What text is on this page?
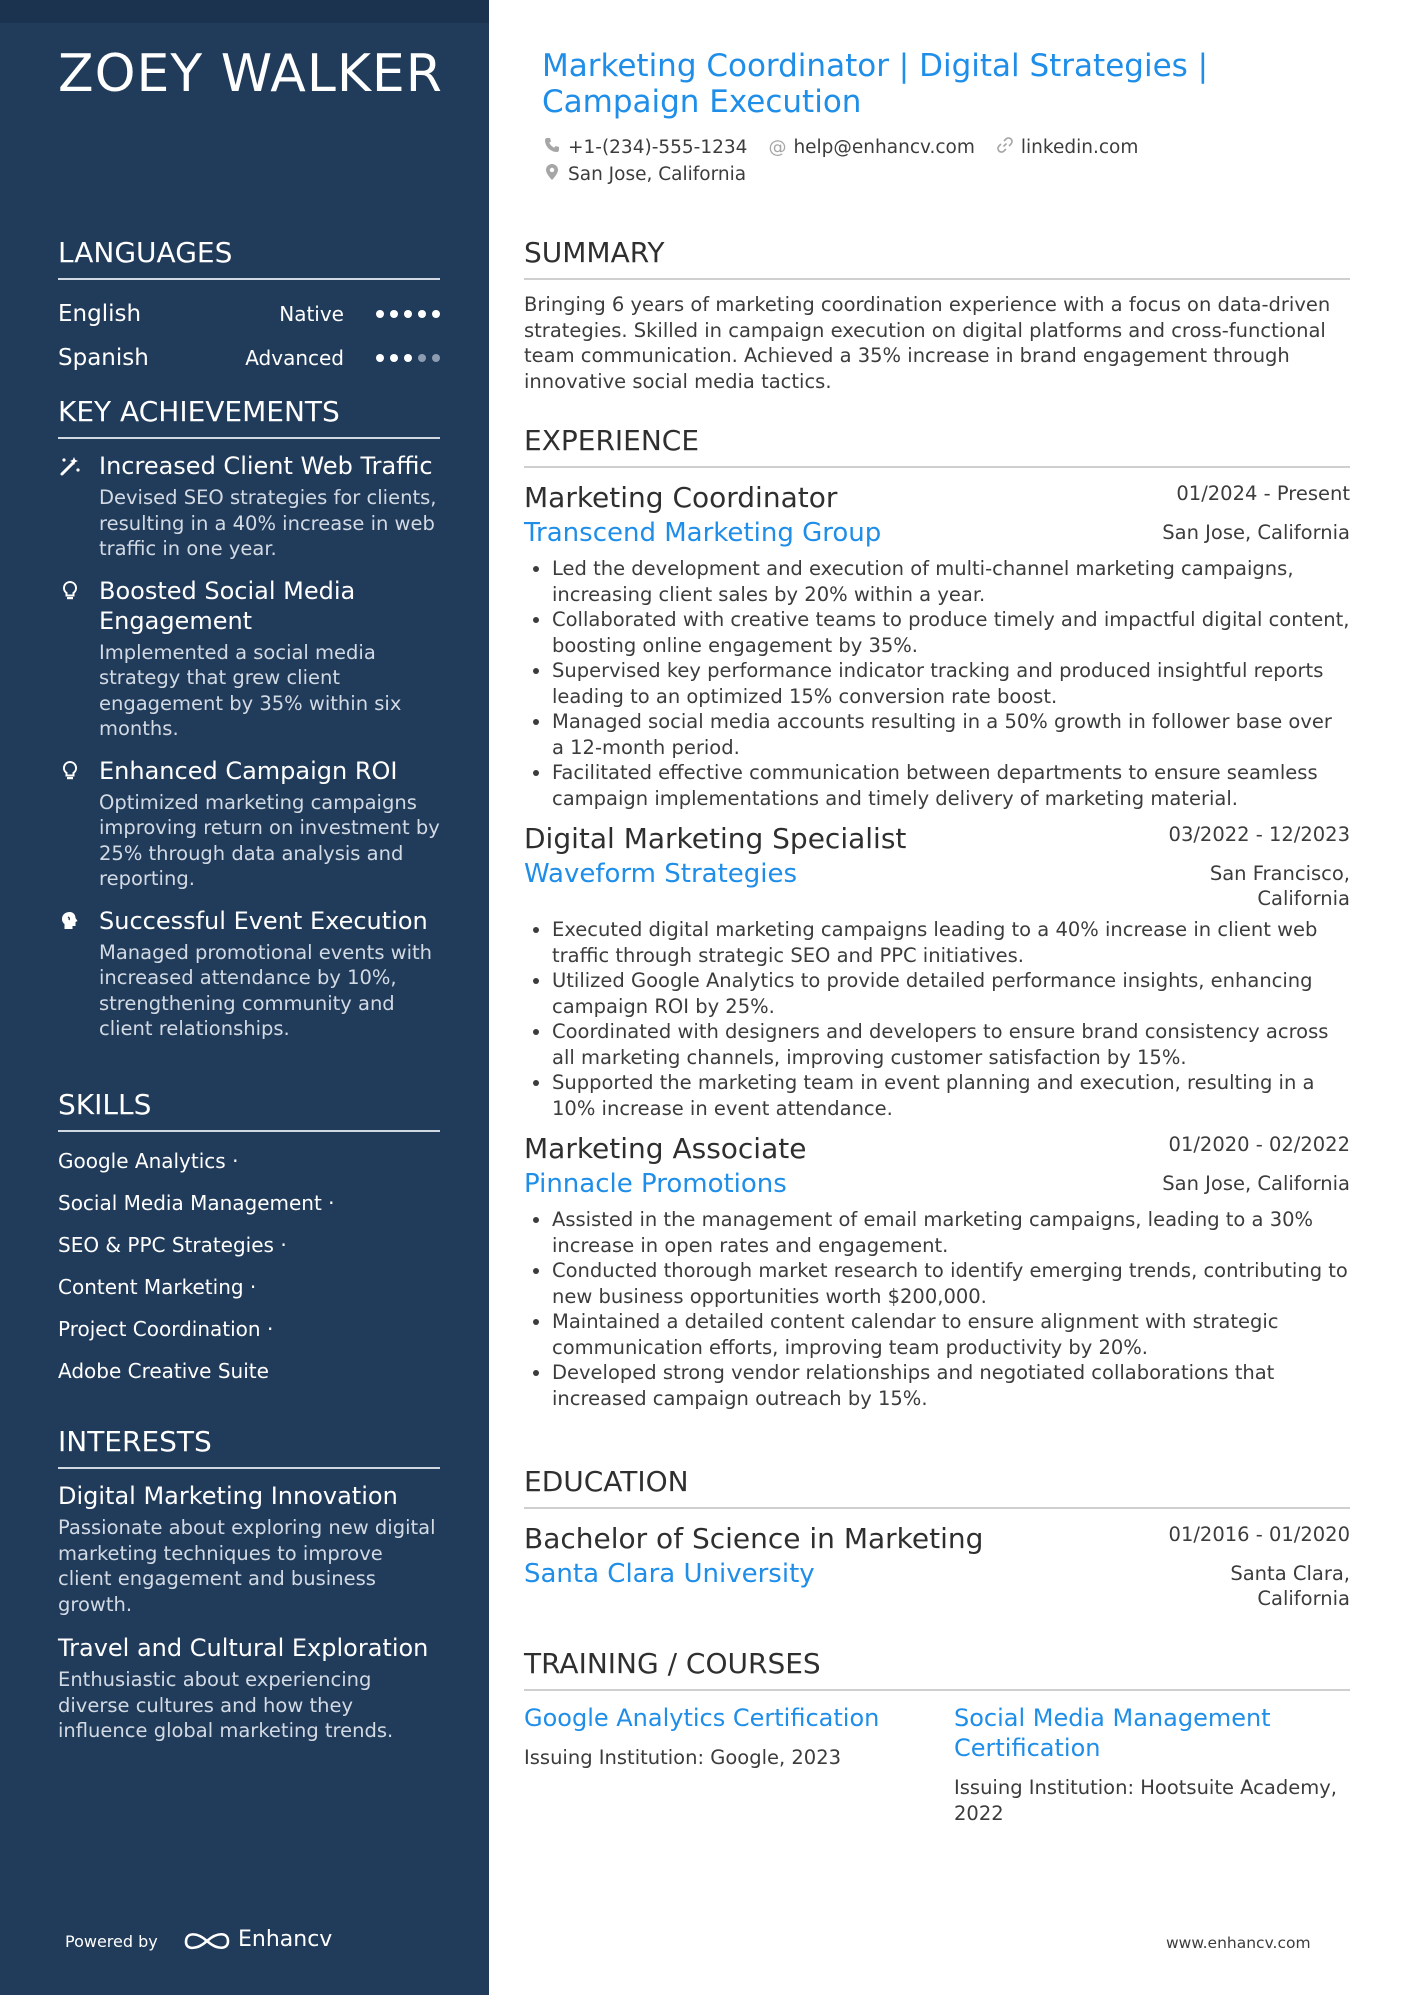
ZOEY WALKER
LANGUAGES
English	Native
Spanish	Advanced
KEY ACHIEVEMENTS
Increased Client Web Traffic
Devised SEO strategies for clients, resulting in a 40% increase in web traffic in one year.
Boosted Social Media Engagement
Implemented a social media strategy that grew client engagement by 35% within six months.
Enhanced Campaign ROI
Optimized marketing campaigns improving return on investment by 25% through data analysis and reporting.
Successful Event Execution
Managed promotional events with increased attendance by 10%, strengthening community and client relationships.
SKILLS
Google Analytics ·
Social Media Management ·
SEO & PPC Strategies ·
Content Marketing ·
Project Coordination ·
Adobe Creative Suite
INTERESTS
Digital Marketing Innovation
Passionate about exploring new digital marketing techniques to improve client engagement and business growth.
Travel and Cultural Exploration
Enthusiastic about experiencing diverse cultures and how they influence global marketing trends.
Powered by	Enhancv
Marketing Coordinator | Digital Strategies | Campaign Execution
+1-(234)-555-1234 @ help@enhancv.com linkedin.com
San Jose, California
SUMMARY
Bringing 6 years of marketing coordination experience with a focus on data-driven strategies. Skilled in campaign execution on digital platforms and cross-functional team communication. Achieved a 35% increase in brand engagement through innovative social media tactics.
EXPERIENCE
Marketing Coordinator	01/2024 - Present
Transcend Marketing Group	San Jose, California
• Led the development and execution of multi-channel marketing campaigns, increasing client sales by 20% within a year.
• Collaborated with creative teams to produce timely and impactful digital content, boosting online engagement by 35%.
• Supervised key performance indicator tracking and produced insightful reports leading to an optimized 15% conversion rate boost.
• Managed social media accounts resulting in a 50% growth in follower base over a 12-month period.
• Facilitated effective communication between departments to ensure seamless campaign implementations and timely delivery of marketing material.
Digital Marketing Specialist	03/2022 - 12/2023
Waveform Strategies	San Francisco, California
• Executed digital marketing campaigns leading to a 40% increase in client web traffic through strategic SEO and PPC initiatives.
• Utilized Google Analytics to provide detailed performance insights, enhancing campaign ROI by 25%.
• Coordinated with designers and developers to ensure brand consistency across all marketing channels, improving customer satisfaction by 15%.
• Supported the marketing team in event planning and execution, resulting in a 10% increase in event attendance.
Marketing Associate	01/2020 - 02/2022
Pinnacle Promotions	San Jose, California
• Assisted in the management of email marketing campaigns, leading to a 30% increase in open rates and engagement.
• Conducted thorough market research to identify emerging trends, contributing to new business opportunities worth $200,000.
• Maintained a detailed content calendar to ensure alignment with strategic communication efforts, improving team productivity by 20%.
• Developed strong vendor relationships and negotiated collaborations that increased campaign outreach by 15%.
EDUCATION
Bachelor of Science in Marketing	01/2016 - 01/2020
Santa Clara University	Santa Clara, California
TRAINING / COURSES
Google Analytics Certification
Issuing Institution: Google, 2023
Social Media Management Certification
Issuing Institution: Hootsuite Academy, 2022
www.enhancv.com
